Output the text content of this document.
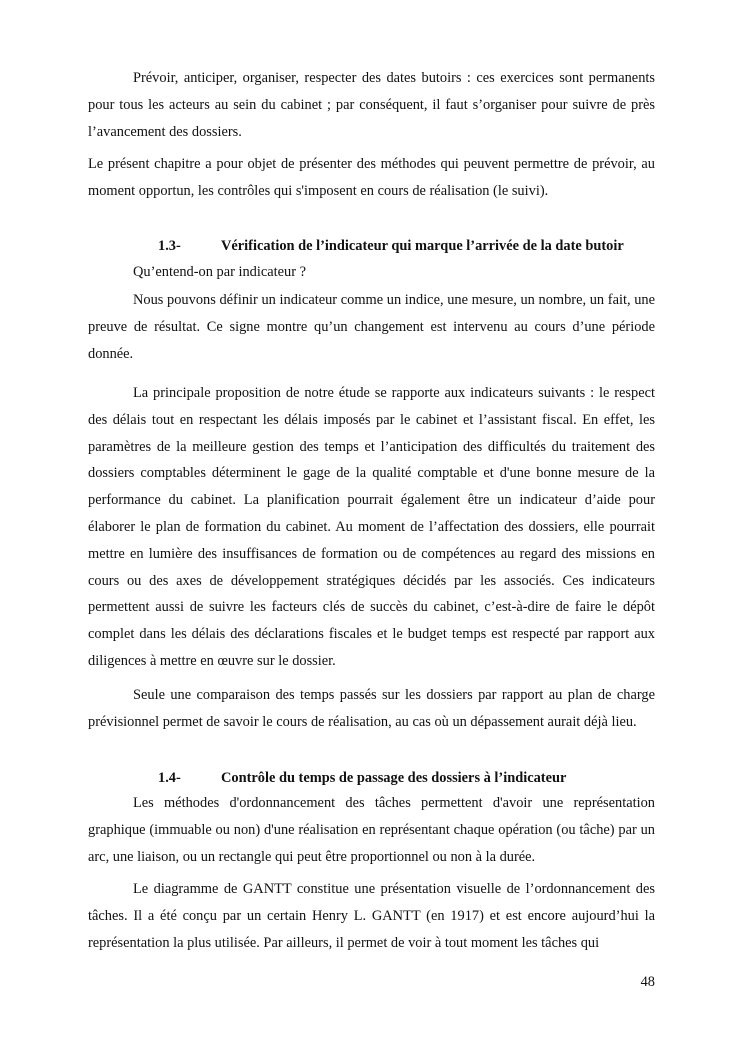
Prévoir, anticiper, organiser, respecter des dates butoirs : ces exercices sont permanents pour tous les acteurs au sein du cabinet ; par conséquent, il faut s’organiser pour suivre de près l’avancement des dossiers.

Le présent chapitre a pour objet de présenter des méthodes qui peuvent permettre de prévoir, au moment opportun, les contrôles qui s'imposent en cours de réalisation (le suivi).

1.3-	Vérification de l’indicateur qui marque l’arrivée de la date butoir
Qu’entend-on par indicateur ?

Nous pouvons définir un indicateur comme un indice, une mesure, un nombre, un fait, une preuve de résultat. Ce signe montre qu’un changement est intervenu au cours d’une période donnée.

La principale proposition de notre étude se rapporte aux indicateurs suivants : le respect des délais tout en respectant les délais imposés par le cabinet et l’assistant fiscal. En effet, les paramètres de la meilleure gestion des temps et l’anticipation des difficultés du traitement des dossiers comptables déterminent le gage de la qualité comptable et d'une bonne mesure de la performance du cabinet. La planification pourrait également être un indicateur d’aide pour élaborer le plan de formation du cabinet. Au moment de l’affectation des dossiers, elle pourrait mettre en lumière des insuffisances de formation ou de compétences au regard des missions en cours ou des axes de développement stratégiques décidés par les associés. Ces indicateurs permettent aussi de suivre les facteurs clés de succès du cabinet, c’est-à-dire de faire le dépôt complet dans les délais des déclarations fiscales et le budget temps est respecté par rapport aux diligences à mettre en œuvre sur le dossier.

Seule une comparaison des temps passés sur les dossiers par rapport au plan de charge prévisionnel permet de savoir le cours de réalisation, au cas où un dépassement aurait déjà lieu.

1.4-	Contrôle du temps de passage des dossiers à l’indicateur

Les méthodes d'ordonnancement des tâches permettent d'avoir une représentation graphique (immuable ou non) d'une réalisation en représentant chaque opération (ou tâche) par un arc, une liaison, ou un rectangle qui peut être proportionnel ou non à la durée.

Le diagramme de GANTT constitue une présentation visuelle de l’ordonnancement des tâches. Il a été conçu par un certain Henry L. GANTT (en 1917) et est encore aujourd’hui la représentation la plus utilisée. Par ailleurs, il permet de voir à tout moment les tâches qui

48
